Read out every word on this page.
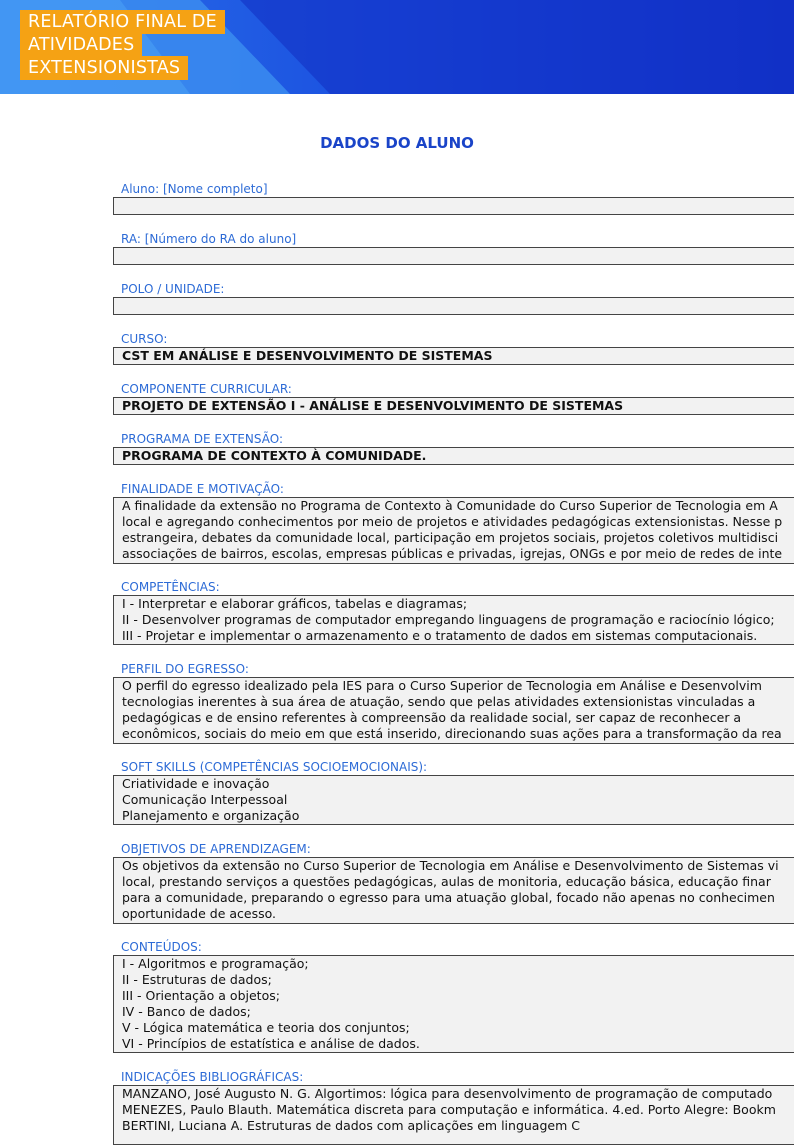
RELATÓRIO FINAL DE
ATIVIDADES
EXTENSIONISTAS
DADOS DO ALUNO
Aluno: [Nome completo]
RA: [Número do RA do aluno]
POLO / UNIDADE:
CURSO:
CST EM ANÁLISE E DESENVOLVIMENTO DE SISTEMAS
COMPONENTE CURRICULAR:
PROJETO DE EXTENSÃO I - ANÁLISE E DESENVOLVIMENTO DE SISTEMAS
PROGRAMA DE EXTENSÃO:
PROGRAMA DE CONTEXTO À COMUNIDADE.
FINALIDADE E MOTIVAÇÃO:
A finalidade da extensão no Programa de Contexto à Comunidade do Curso Superior de Tecnologia em A
local e agregando conhecimentos por meio de projetos e atividades pedagógicas extensionistas. Nesse p
estrangeira, debates da comunidade local, participação em projetos sociais, projetos coletivos multidisci
associações de bairros, escolas, empresas públicas e privadas, igrejas, ONGs e por meio de redes de inte
COMPETÊNCIAS:
I - Interpretar e elaborar gráficos, tabelas e diagramas;
II - Desenvolver programas de computador empregando linguagens de programação e raciocínio lógico;
III - Projetar e implementar o armazenamento e o tratamento de dados em sistemas computacionais.
PERFIL DO EGRESSO:
O perfil do egresso idealizado pela IES para o Curso Superior de Tecnologia em Análise e Desenvolvim
tecnologias inerentes à sua área de atuação, sendo que pelas atividades extensionistas vinculadas a
pedagógicas e de ensino referentes à compreensão da realidade social, ser capaz de reconhecer a
econômicos, sociais do meio em que está inserido, direcionando suas ações para a transformação da rea
SOFT SKILLS (COMPETÊNCIAS SOCIOEMOCIONAIS):
Criatividade e inovação
Comunicação Interpessoal
Planejamento e organização
OBJETIVOS DE APRENDIZAGEM:
Os objetivos da extensão no Curso Superior de Tecnologia em Análise e Desenvolvimento de Sistemas vi
local, prestando serviços a questões pedagógicas, aulas de monitoria, educação básica, educação finar
para a comunidade, preparando o egresso para uma atuação global, focado não apenas no conhecimen
oportunidade de acesso.
CONTEÚDOS:
I - Algoritmos e programação;
II - Estruturas de dados;
III - Orientação a objetos;
IV - Banco de dados;
V - Lógica matemática e teoria dos conjuntos;
VI - Princípios de estatística e análise de dados.
INDICAÇÕES BIBLIOGRÁFICAS:
MANZANO, José Augusto N. G. Algortimos: lógica para desenvolvimento de programação de computado
MENEZES, Paulo Blauth. Matemática discreta para computação e informática. 4.ed. Porto Alegre: Bookm
BERTINI, Luciana A. Estruturas de dados com aplicações em linguagem C
